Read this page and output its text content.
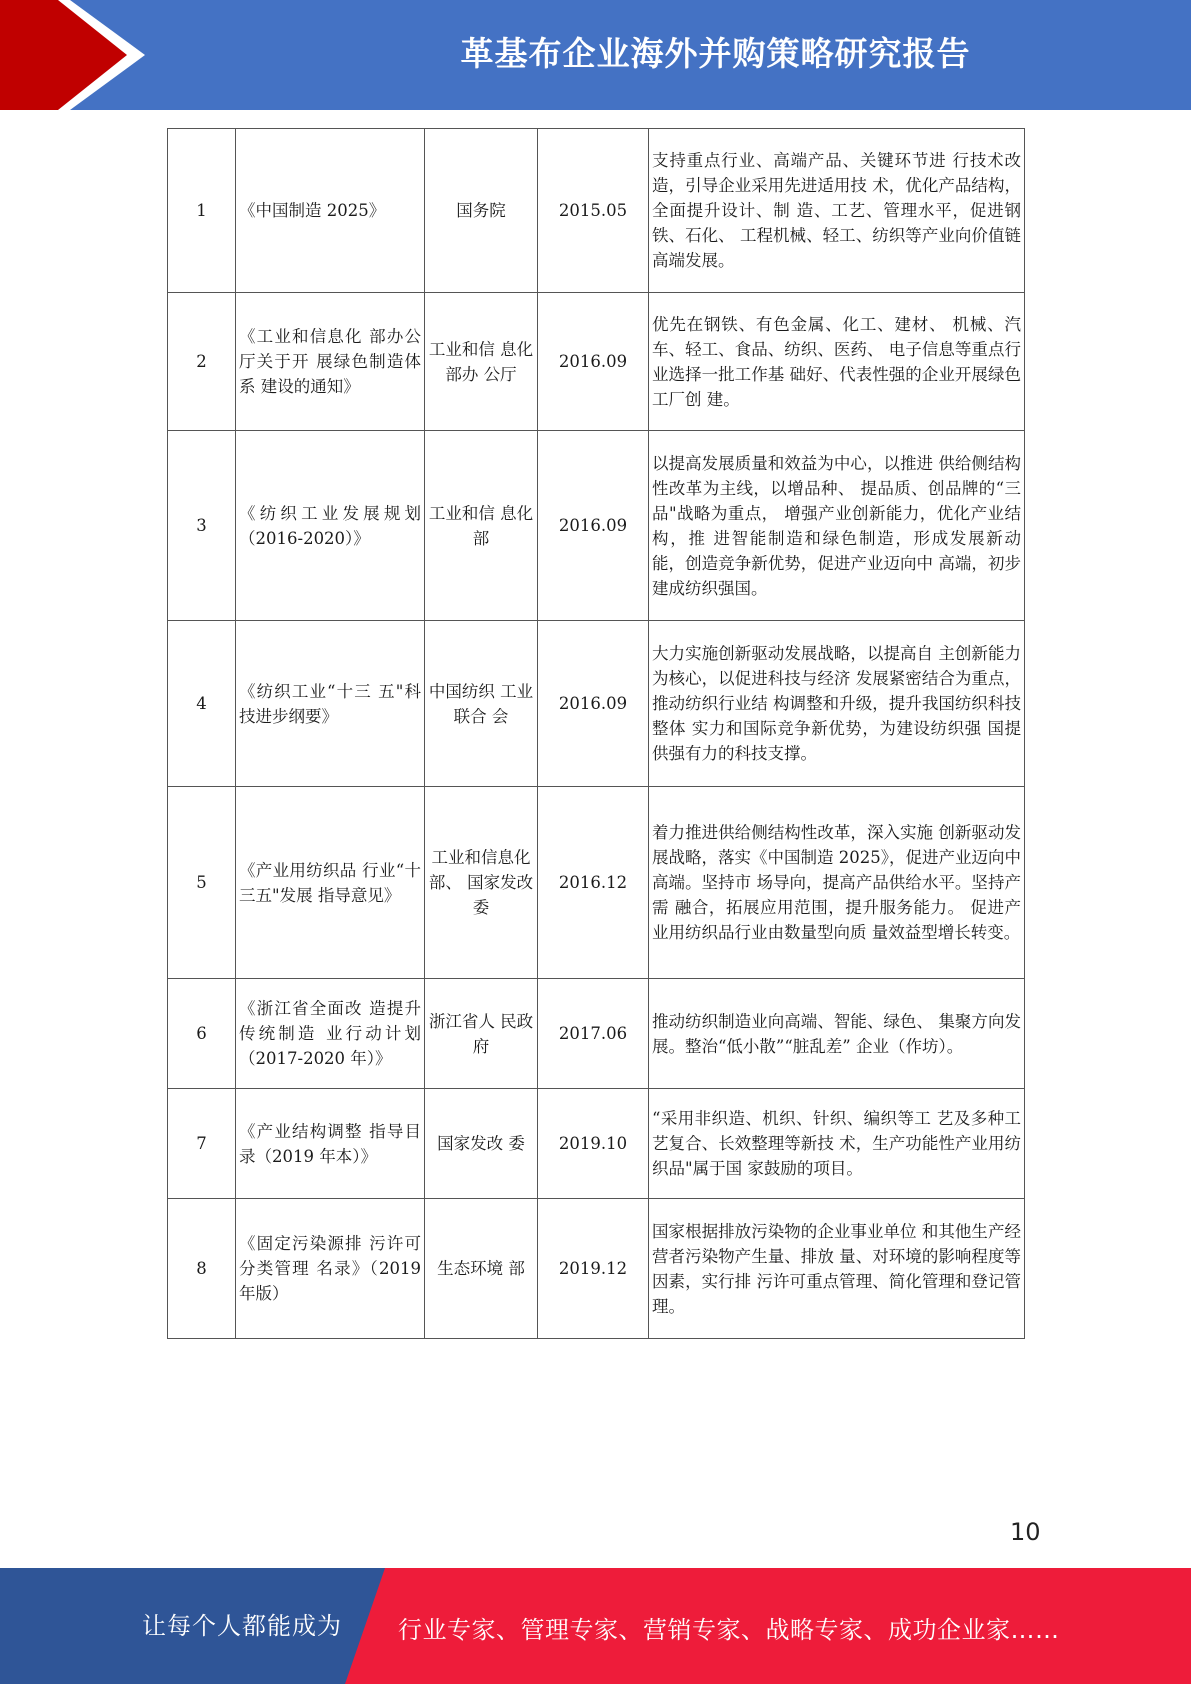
革基布企业海外并购策略研究报告
1	《中国制造 2025》	国务院	2015.05	支持重点行业、高端产品、关键环节进 行技术改造，引导企业采用先进适用技 术，优化产品结构，全面提升设计、制 造、工艺、管理水平，促进钢铁、石化、 工程机械、轻工、纺织等产业向价值链 高端发展。
2	《工业和信息化 部办公厅关于开 展绿色制造体系 建设的通知》	工业和信 息化部办 公厅	2016.09	优先在钢铁、有色金属、化工、建材、 机械、汽车、轻工、食品、纺织、医药、 电子信息等重点行业选择一批工作基 础好、代表性强的企业开展绿色工厂创 建。
3	《纺织工业发展规划（2016-2020）》	工业和信 息化部	2016.09	以提高发展质量和效益为中心，以推进 供给侧结构性改革为主线，以增品种、 提品质、创品牌的“三品"战略为重点， 增强产业创新能力，优化产业结构，推 进智能制造和绿色制造，形成发展新动 能，创造竞争新优势，促进产业迈向中 高端，初步建成纺织强国。
4	《纺织工业“十三 五"科技进步纲要》	中国纺织 工业联合 会	2016.09	大力实施创新驱动发展战略，以提高自 主创新能力为核心，以促进科技与经济 发展紧密结合为重点，推动纺织行业结 构调整和升级，提升我国纺织科技整体 实力和国际竞争新优势，为建设纺织强 国提供强有力的科技支撑。
5	《产业用纺织品 行业“十三五"发展 指导意见》	工业和信息化部、 国家发改委	2016.12	着力推进供给侧结构性改革，深入实施 创新驱动发展战略，落实《中国制造 2025》，促进产业迈向中高端。坚持市 场导向，提高产品供给水平。坚持产需 融合，拓展应用范围，提升服务能力。 促进产业用纺织品行业由数量型向质 量效益型增长转变。
6	《浙江省全面改 造提升传统制造 业行动计划（2017-2020 年）》	浙江省人 民政府	2017.06	推动纺织制造业向高端、智能、绿色、 集聚方向发展。整治“低小散”“脏乱差” 企业（作坊）。
7	《产业结构调整 指导目录（2019 年本）》	国家发改 委	2019.10	“采用非织造、机织、针织、编织等工 艺及多种工艺复合、长效整理等新技 术，生产功能性产业用纺织品"属于国 家鼓励的项目。
8	《固定污染源排 污许可分类管理 名录》（2019 年版）	生态环境 部	2019.12	国家根据排放污染物的企业事业单位 和其他生产经营者污染物产生量、排放 量、对环境的影响程度等因素，实行排 污许可重点管理、简化管理和登记管 理。
10
让每个人都能成为 行业专家、管理专家、营销专家、战略专家、成功企业家……
